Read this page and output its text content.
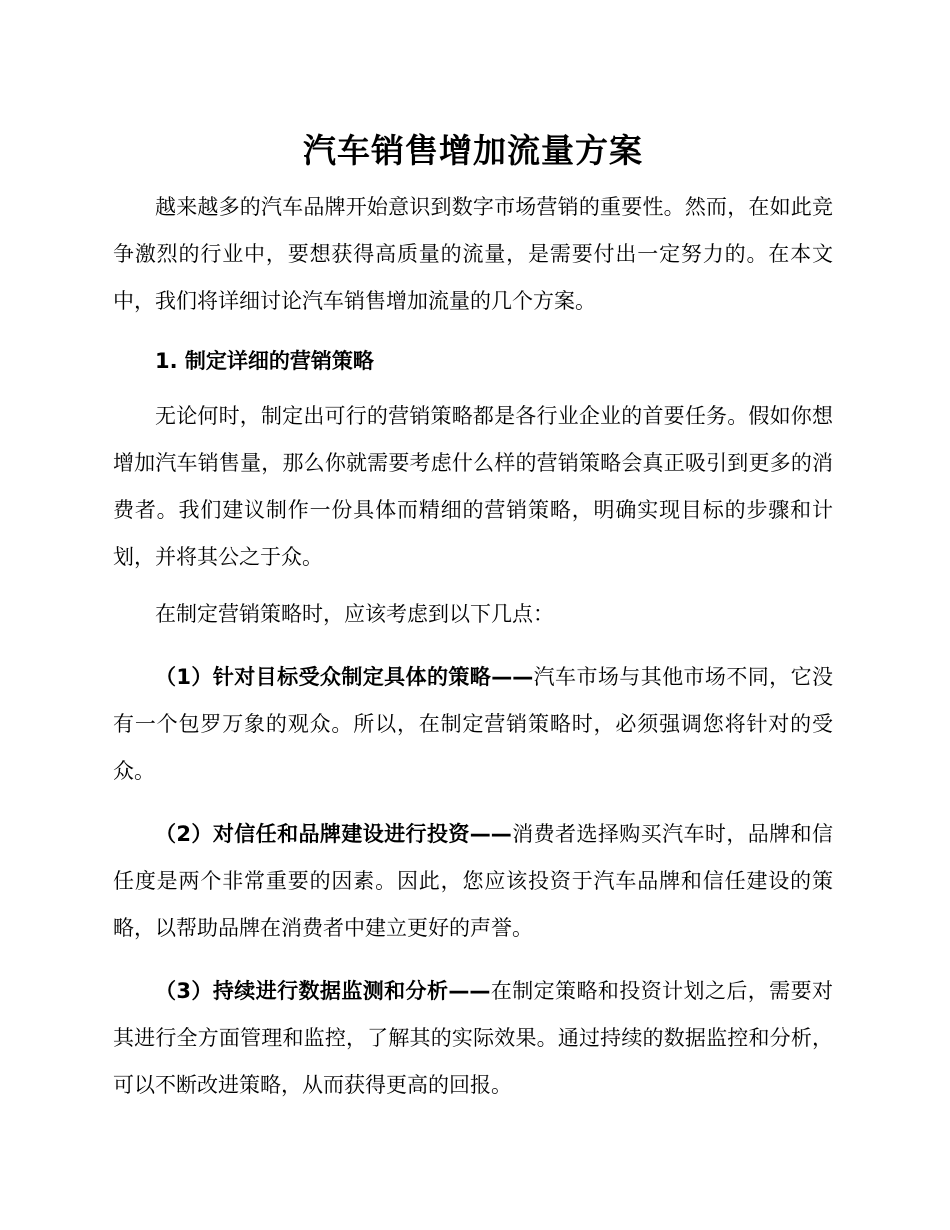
汽车销售增加流量方案

越来越多的汽车品牌开始意识到数字市场营销的重要性。然而，在如此竞争激烈的行业中，要想获得高质量的流量，是需要付出一定努力的。在本文中，我们将详细讨论汽车销售增加流量的几个方案。

1. 制定详细的营销策略

无论何时，制定出可行的营销策略都是各行业企业的首要任务。假如你想增加汽车销售量，那么你就需要考虑什么样的营销策略会真正吸引到更多的消费者。我们建议制作一份具体而精细的营销策略，明确实现目标的步骤和计划，并将其公之于众。

在制定营销策略时，应该考虑到以下几点：

（1）针对目标受众制定具体的策略——汽车市场与其他市场不同，它没有一个包罗万象的观众。所以，在制定营销策略时，必须强调您将针对的受众。

（2）对信任和品牌建设进行投资——消费者选择购买汽车时，品牌和信任度是两个非常重要的因素。因此，您应该投资于汽车品牌和信任建设的策略，以帮助品牌在消费者中建立更好的声誉。

（3）持续进行数据监测和分析——在制定策略和投资计划之后，需要对其进行全方面管理和监控，了解其的实际效果。通过持续的数据监控和分析，可以不断改进策略，从而获得更高的回报。
